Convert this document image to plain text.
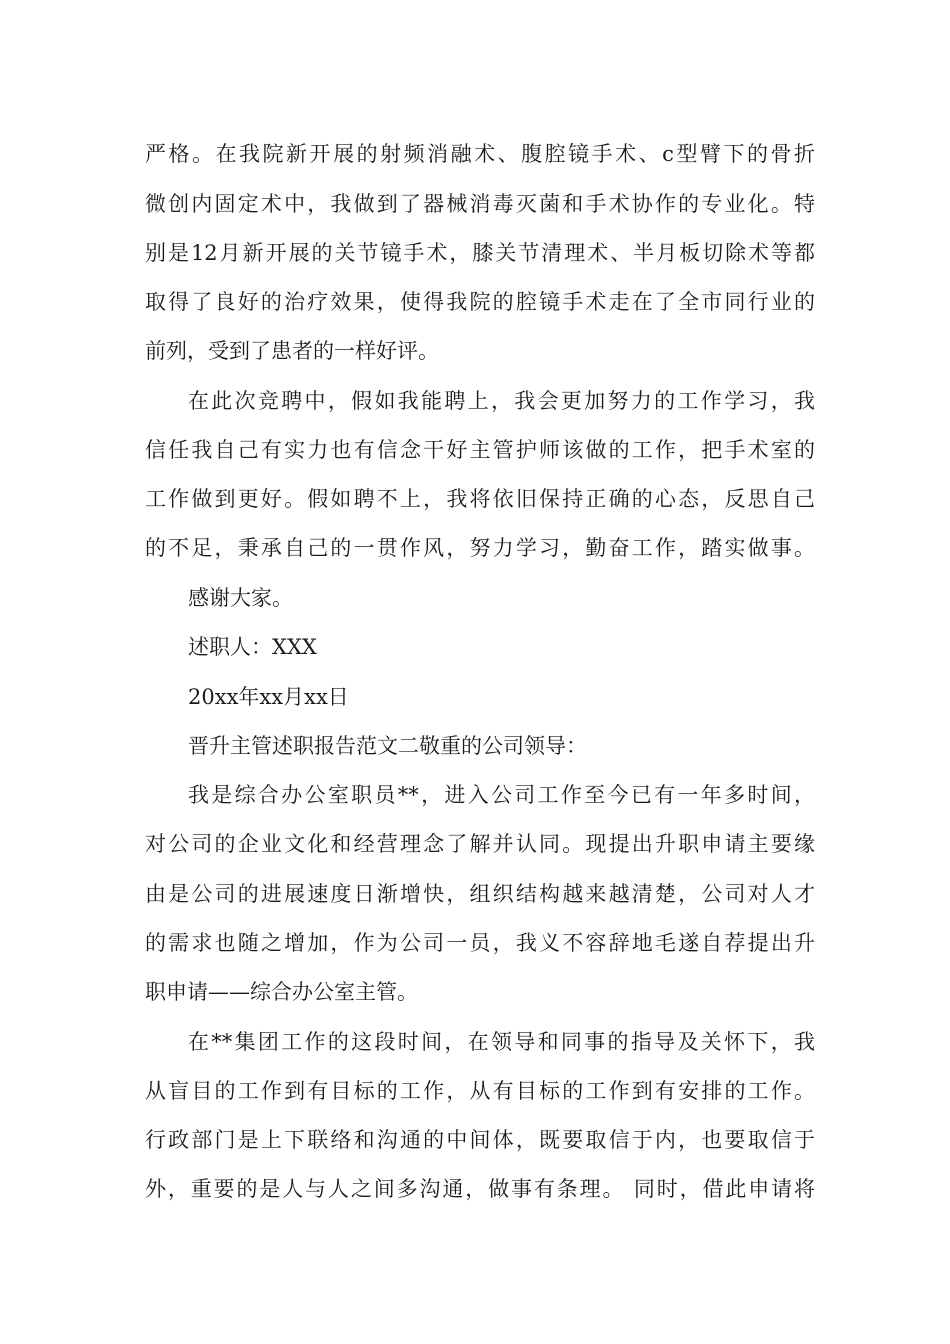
严格。在我院新开展的射频消融术、腹腔镜手术、c型臂下的骨折
微创内固定术中，我做到了器械消毒灭菌和手术协作的专业化。特
别是12月新开展的关节镜手术，膝关节清理术、半月板切除术等都
取得了良好的治疗效果，使得我院的腔镜手术走在了全市同行业的
前列，受到了患者的一样好评。
在此次竞聘中，假如我能聘上，我会更加努力的工作学习，我
信任我自己有实力也有信念干好主管护师该做的工作，把手术室的
工作做到更好。假如聘不上，我将依旧保持正确的心态，反思自己
的不足，秉承自己的一贯作风，努力学习，勤奋工作，踏实做事。
感谢大家。
述职人：XXX
20xx年xx月xx日
晋升主管述职报告范文二敬重的公司领导：
我是综合办公室职员**，进入公司工作至今已有一年多时间，
对公司的企业文化和经营理念了解并认同。现提出升职申请主要缘
由是公司的进展速度日渐增快，组织结构越来越清楚，公司对人才
的需求也随之增加，作为公司一员，我义不容辞地毛遂自荐提出升
职申请——综合办公室主管。
在**集团工作的这段时间，在领导和同事的指导及关怀下，我
从盲目的工作到有目标的工作，从有目标的工作到有安排的工作。
行政部门是上下联络和沟通的中间体，既要取信于内，也要取信于
外，重要的是人与人之间多沟通，做事有条理。 同时，借此申请将
